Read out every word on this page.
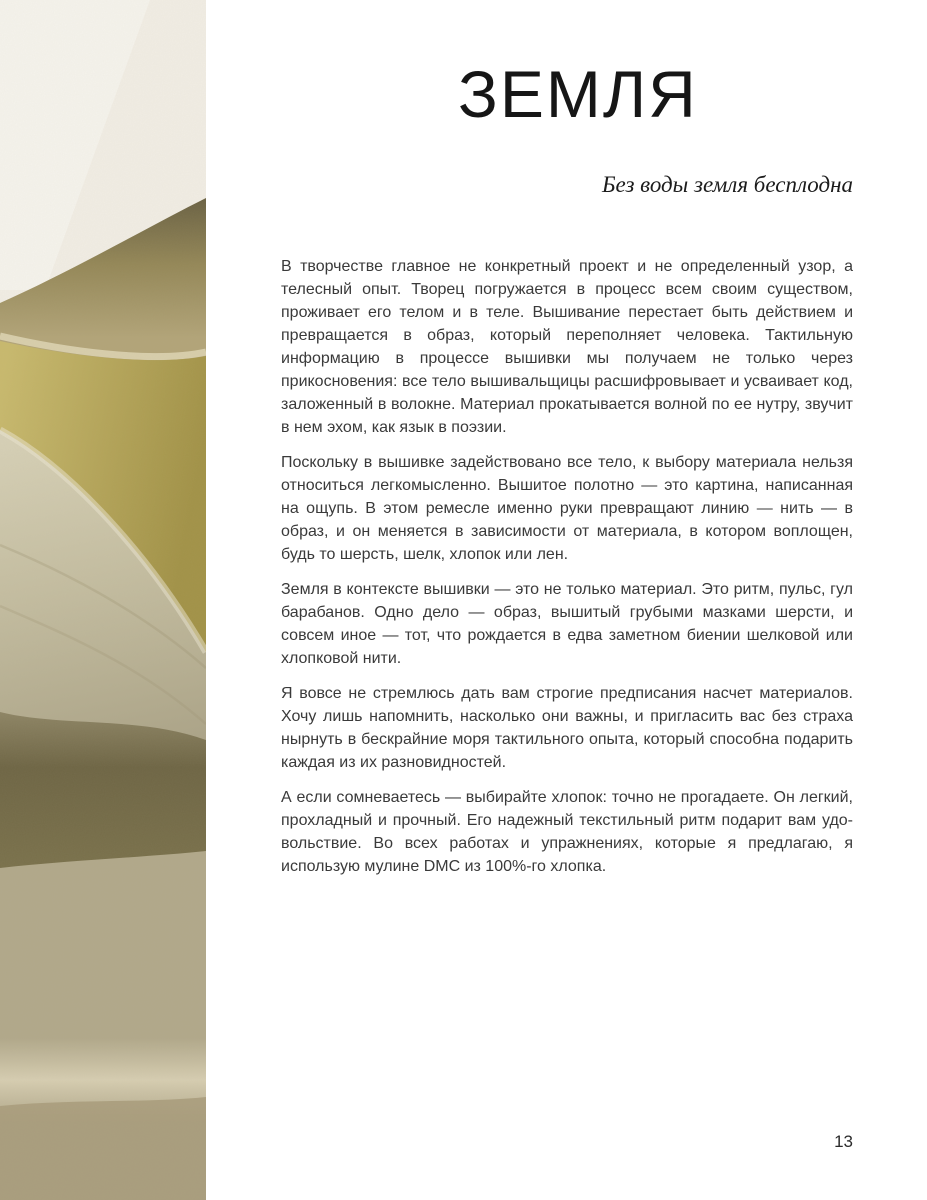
ЗЕМЛЯ
Без воды земля бесплодна

В творчестве главное не конкретный проект и не определенный узор, а телесный опыт. Творец погружается в процесс всем своим существом, проживает его телом и в теле. Вышивание перестает быть действием и превращается в образ, который переполняет человека. Тактильную информацию в процессе вышивки мы получаем не только через прикосновения: все тело вышивальщицы расшифровывает и усваивает код, заложенный в волокне. Материал прокатывается волной по ее нутру, звучит в нем эхом, как язык в поэзии.

Поскольку в вышивке задействовано все тело, к выбору материала нельзя относиться легкомысленно. Вышитое полотно — это картина, написанная на ощупь. В этом ремесле именно руки превращают линию — нить — в образ, и он меняется в зависимости от материала, в котором воплощен, будь то шерсть, шелк, хлопок или лен.

Земля в контексте вышивки — это не только материал. Это ритм, пульс, гул барабанов. Одно дело — образ, вышитый грубыми мазками шерсти, и совсем иное — тот, что рождается в едва заметном биении шелковой или хлопковой нити.

Я вовсе не стремлюсь дать вам строгие предписания насчет материалов. Хочу лишь напомнить, насколько они важны, и пригласить вас без страха нырнуть в бескрайние моря тактильного опыта, который способна подарить каждая из их разновидностей.

А если сомневаетесь — выбирайте хлопок: точно не прогадаете. Он легкий, прохладный и прочный. Его надежный текстильный ритм подарит вам удовольствие. Во всех работах и упражнениях, которые я предлагаю, я использую мулине DMC из 100%-го хлопка.

13
